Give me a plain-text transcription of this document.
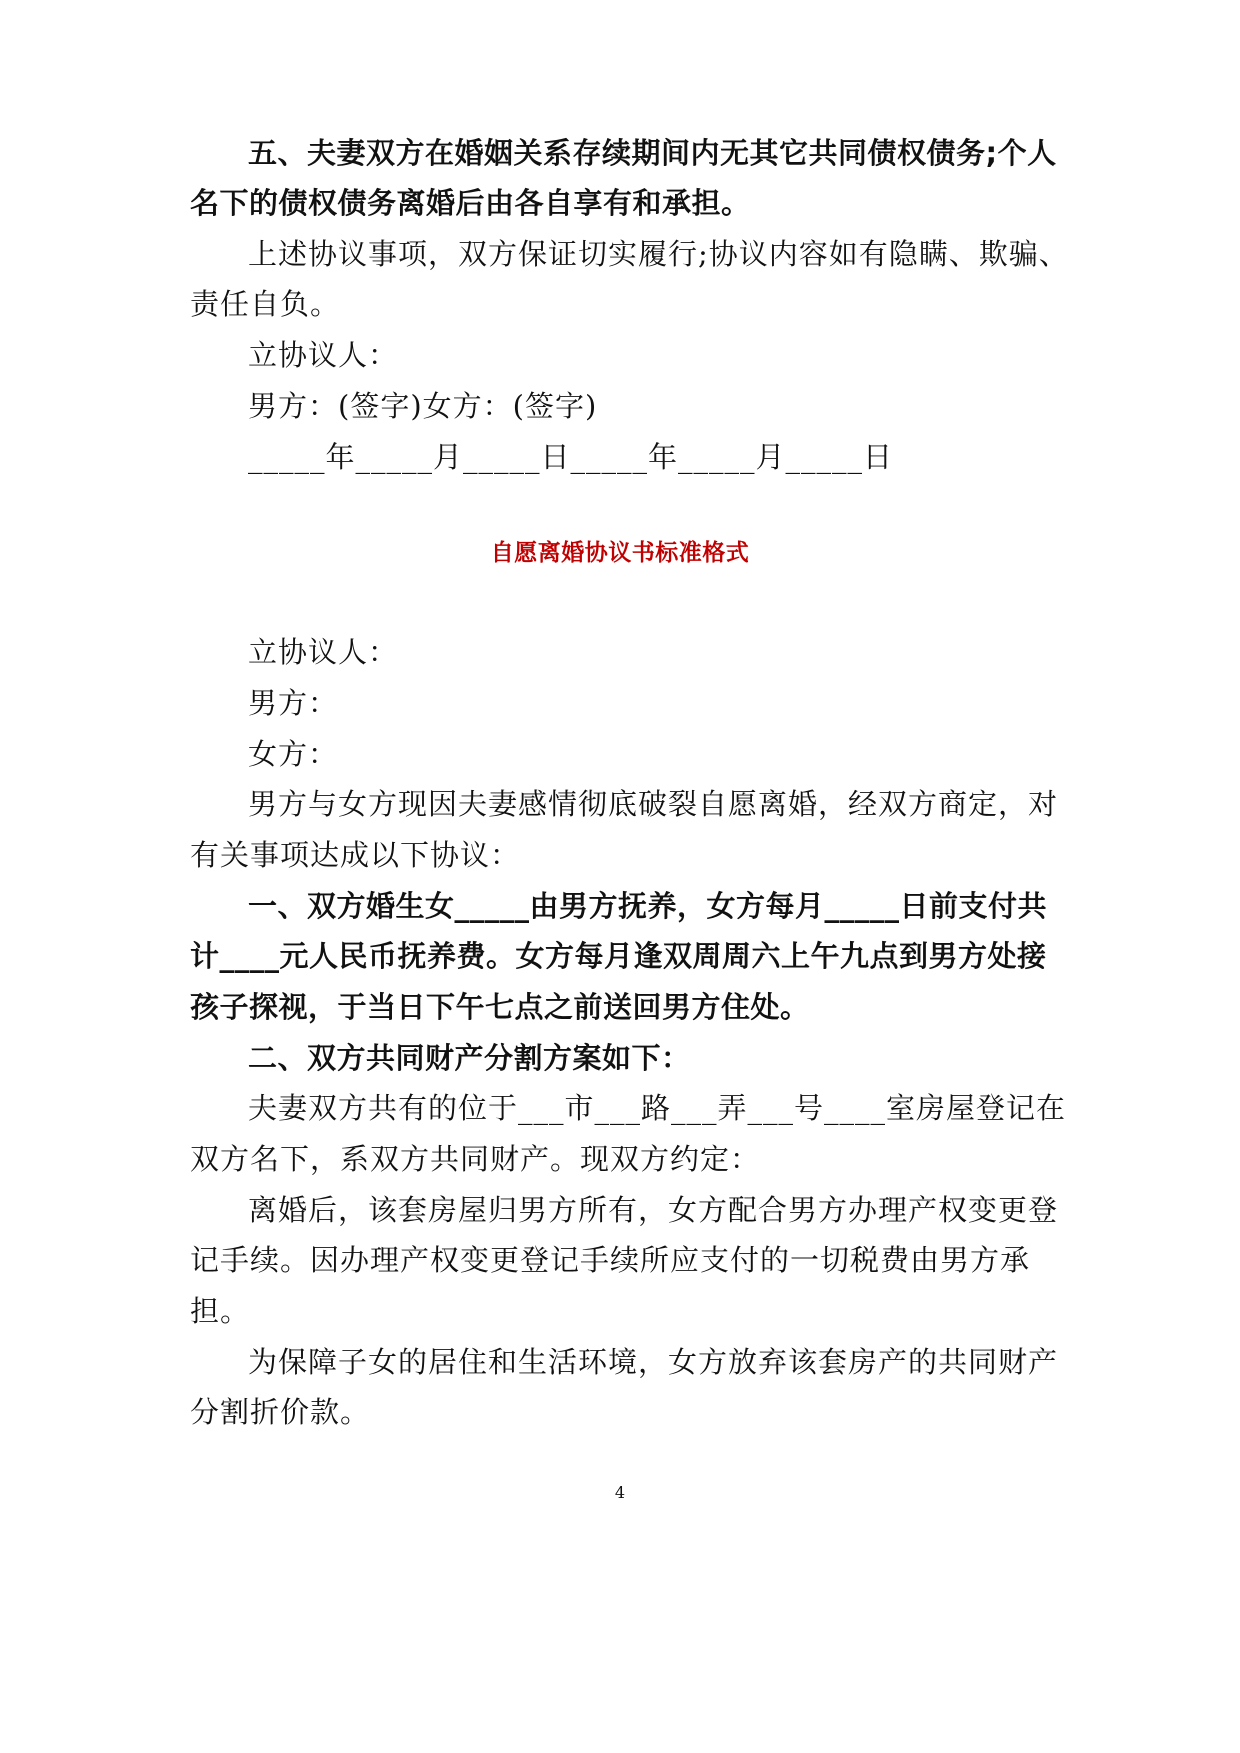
五、夫妻双方在婚姻关系存续期间内无其它共同债权债务;个人
名下的债权债务离婚后由各自享有和承担。
上述协议事项，双方保证切实履行;协议内容如有隐瞒、欺骗、
责任自负。
立协议人：
男方：(签字)女方：(签字)
_____年_____月_____日_____年_____月_____日
自愿离婚协议书标准格式
立协议人：
男方：
女方：
男方与女方现因夫妻感情彻底破裂自愿离婚，经双方商定，对
有关事项达成以下协议：
一、双方婚生女_____由男方抚养，女方每月_____日前支付共
计____元人民币抚养费。女方每月逢双周周六上午九点到男方处接
孩子探视，于当日下午七点之前送回男方住处。
二、双方共同财产分割方案如下：
夫妻双方共有的位于___市___路___弄___号____室房屋登记在
双方名下，系双方共同财产。现双方约定：
离婚后，该套房屋归男方所有，女方配合男方办理产权变更登
记手续。因办理产权变更登记手续所应支付的一切税费由男方承
担。
为保障子女的居住和生活环境，女方放弃该套房产的共同财产
分割折价款。
4
